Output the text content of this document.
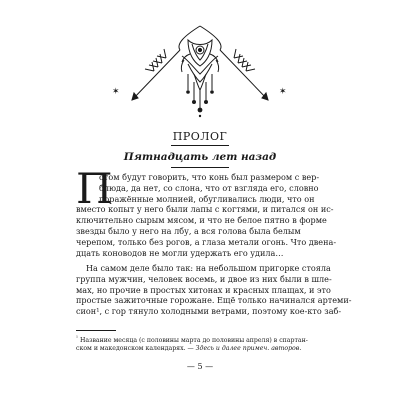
✶	✶
ПРОЛОГ
Пятнадцать лет назад
П
отом будут говорить, что конь был размером с вер-
блюда, да нет, со слона, что от взгляда его, словно
поражённые молнией, обугливались люди, что он
вместо копыт у него были лапы с когтями, и питался он ис-
ключительно сырым мясом, и что не белое пятно в форме
звезды было у него на лбу, а вся голова была белым
черепом, только без рогов, а глаза метали огонь. Что двена-
дцать коноводов не могли удержать его удила…
На самом деле было так: на небольшом пригорке стояла
группа мужчин, человек восемь, и двое из них были в шле-
мах, но прочие в простых хитонах и красных плащах, и это
простые зажиточные горожане. Ещё только начинался артеми-
сион¹, с гор тянуло холодными ветрами, поэтому кое-кто заб-
$^{^1}$ Название месяца (с половины марта до половины апреля) в спартан-
ском и македонском календарях. — Здесь и далее примеч. авторов.
— 5 —
